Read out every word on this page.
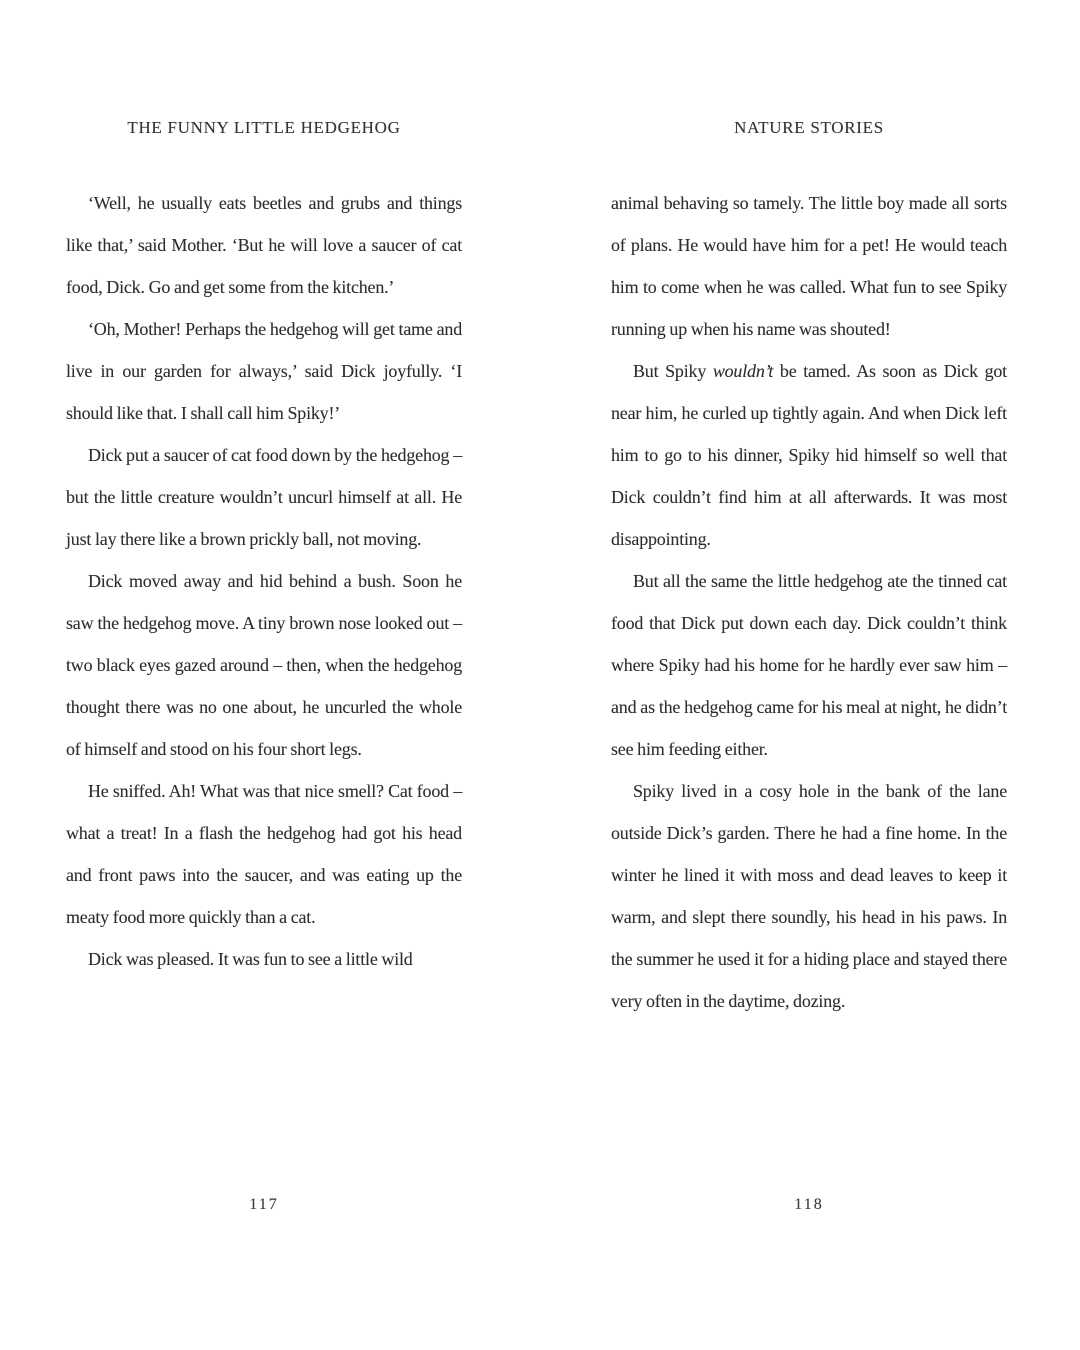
THE FUNNY LITTLE HEDGEHOG

‘Well, he usually eats beetles and grubs and things like that,’ said Mother. ‘But he will love a saucer of cat food, Dick. Go and get some from the kitchen.’

‘Oh, Mother! Perhaps the hedgehog will get tame and live in our garden for always,’ said Dick joyfully. ‘I should like that. I shall call him Spiky!’

Dick put a saucer of cat food down by the hedgehog – but the little creature wouldn’t uncurl himself at all. He just lay there like a brown prickly ball, not moving.

Dick moved away and hid behind a bush. Soon he saw the hedgehog move. A tiny brown nose looked out – two black eyes gazed around – then, when the hedgehog thought there was no one about, he uncurled the whole of himself and stood on his four short legs.

He sniffed. Ah! What was that nice smell? Cat food – what a treat! In a flash the hedgehog had got his head and front paws into the saucer, and was eating up the meaty food more quickly than a cat.

Dick was pleased. It was fun to see a little wild

117
NATURE STORIES

animal behaving so tamely. The little boy made all sorts of plans. He would have him for a pet! He would teach him to come when he was called. What fun to see Spiky running up when his name was shouted!

But Spiky wouldn’t be tamed. As soon as Dick got near him, he curled up tightly again. And when Dick left him to go to his dinner, Spiky hid himself so well that Dick couldn’t find him at all afterwards. It was most disappointing.

But all the same the little hedgehog ate the tinned cat food that Dick put down each day. Dick couldn’t think where Spiky had his home for he hardly ever saw him – and as the hedgehog came for his meal at night, he didn’t see him feeding either.

Spiky lived in a cosy hole in the bank of the lane outside Dick’s garden. There he had a fine home. In the winter he lined it with moss and dead leaves to keep it warm, and slept there soundly, his head in his paws. In the summer he used it for a hiding place and stayed there very often in the daytime, dozing.

118
